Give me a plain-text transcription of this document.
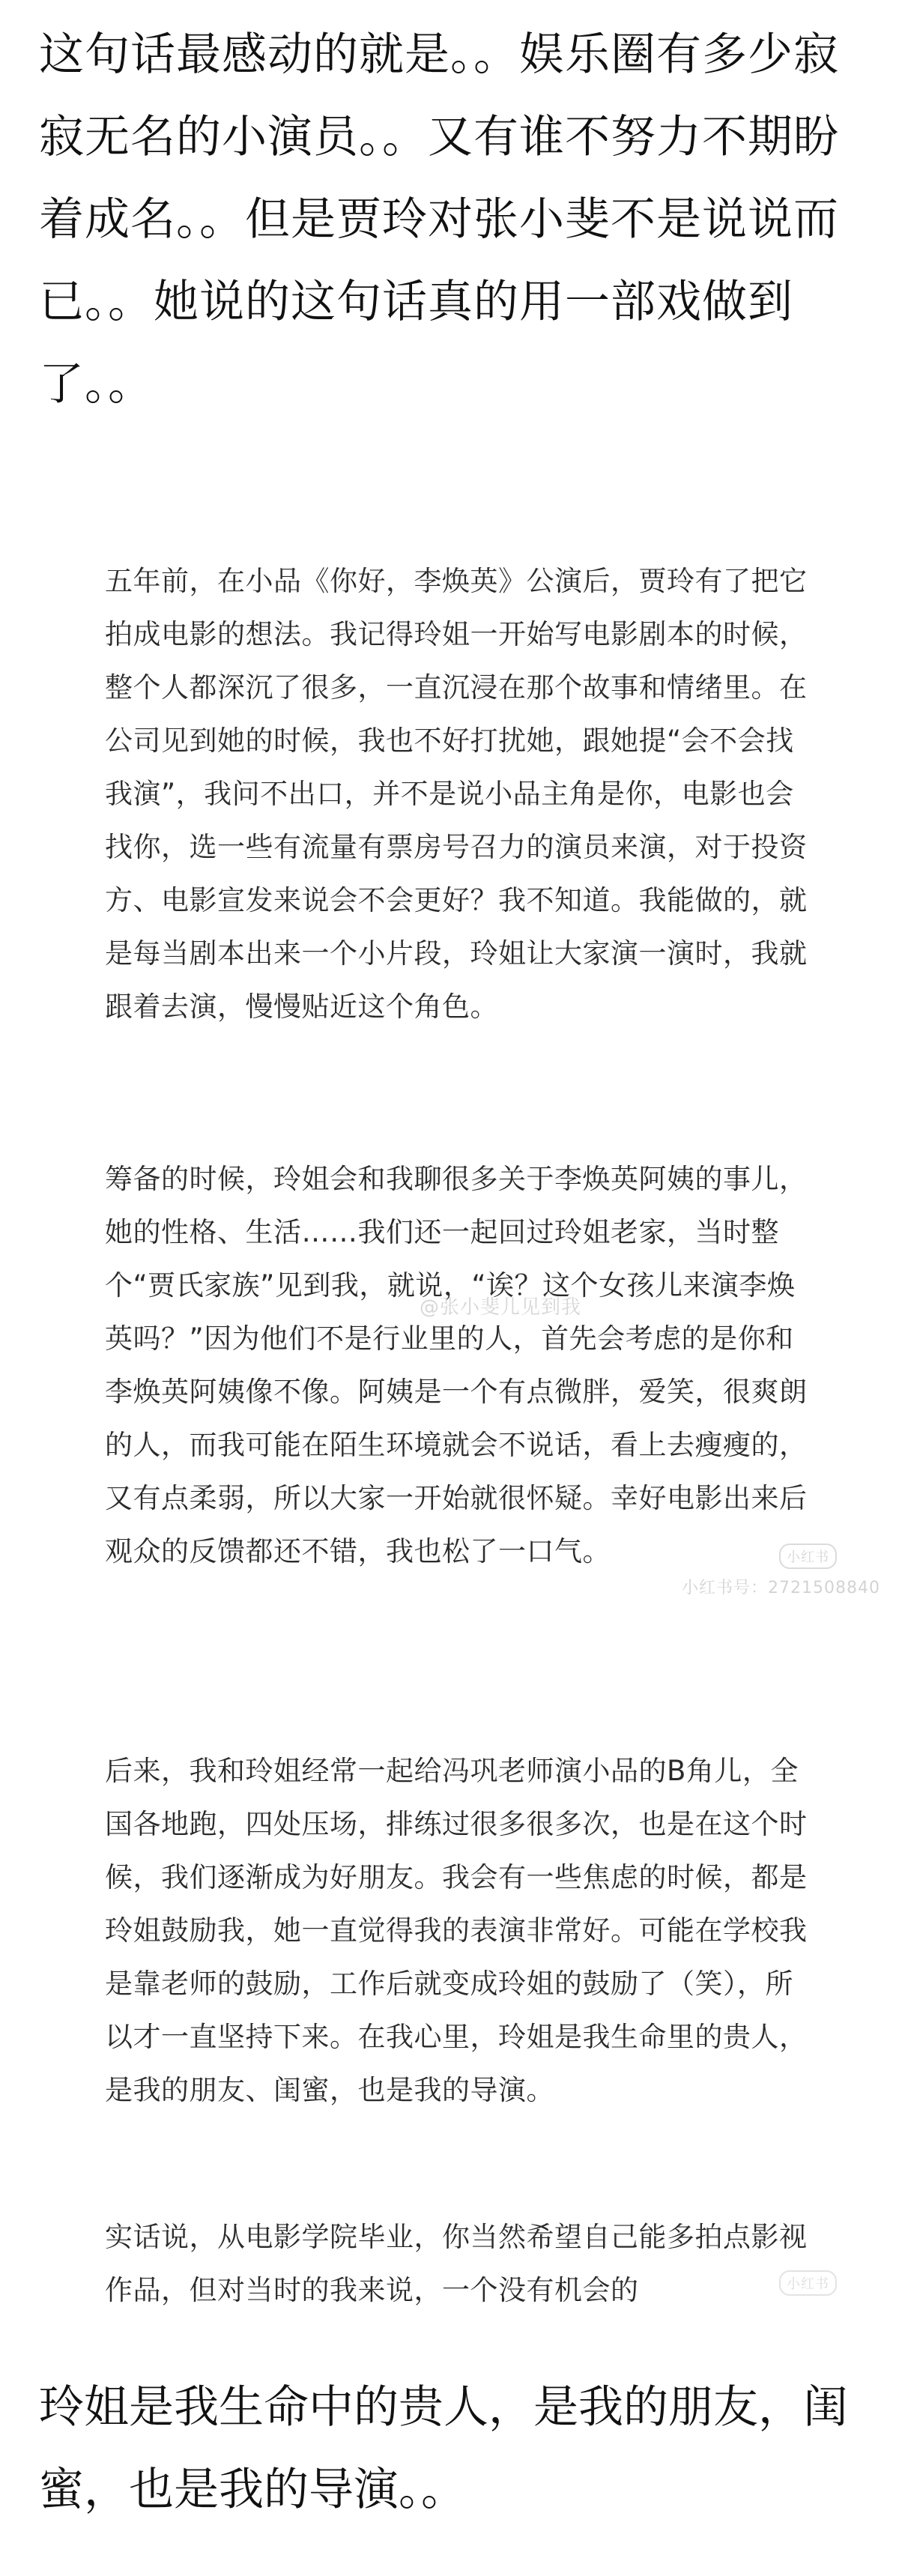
这句话最感动的就是。。娱乐圈有多少寂寂无名的小演员。。又有谁不努力不期盼着成名。。但是贾玲对张小斐不是说说而已。。她说的这句话真的用一部戏做到了。。

五年前，在小品《你好，李焕英》公演后，贾玲有了把它拍成电影的想法。我记得玲姐一开始写电影剧本的时候，整个人都深沉了很多，一直沉浸在那个故事和情绪里。在公司见到她的时候，我也不好打扰她，跟她提“会不会找我演”，我问不出口，并不是说小品主角是你，电影也会找你，选一些有流量有票房号召力的演员来演，对于投资方、电影宣发来说会不会更好？我不知道。我能做的，就是每当剧本出来一个小片段，玲姐让大家演一演时，我就跟着去演，慢慢贴近这个角色。

筹备的时候，玲姐会和我聊很多关于李焕英阿姨的事儿，她的性格、生活……我们还一起回过玲姐老家，当时整个“贾氏家族”见到我，就说，“诶？这个女孩儿来演李焕英吗？”因为他们不是行业里的人，首先会考虑的是你和李焕英阿姨像不像。阿姨是一个有点微胖，爱笑，很爽朗的人，而我可能在陌生环境就会不说话，看上去瘦瘦的，又有点柔弱，所以大家一开始就很怀疑。幸好电影出来后观众的反馈都还不错，我也松了一口气。

后来，我和玲姐经常一起给冯巩老师演小品的B角儿，全国各地跑，四处压场，排练过很多很多次，也是在这个时候，我们逐渐成为好朋友。我会有一些焦虑的时候，都是玲姐鼓励我，她一直觉得我的表演非常好。可能在学校我是靠老师的鼓励，工作后就变成玲姐的鼓励了（笑），所以才一直坚持下来。在我心里，玲姐是我生命里的贵人，是我的朋友、闺蜜，也是我的导演。

实话说，从电影学院毕业，你当然希望自己能多拍点影视作品，但对当时的我来说，一个没有机会的

@张小斐儿见到我
小红书
小红书号：2721508840
小红书

玲姐是我生命中的贵人，是我的朋友，闺蜜，也是我的导演。。
